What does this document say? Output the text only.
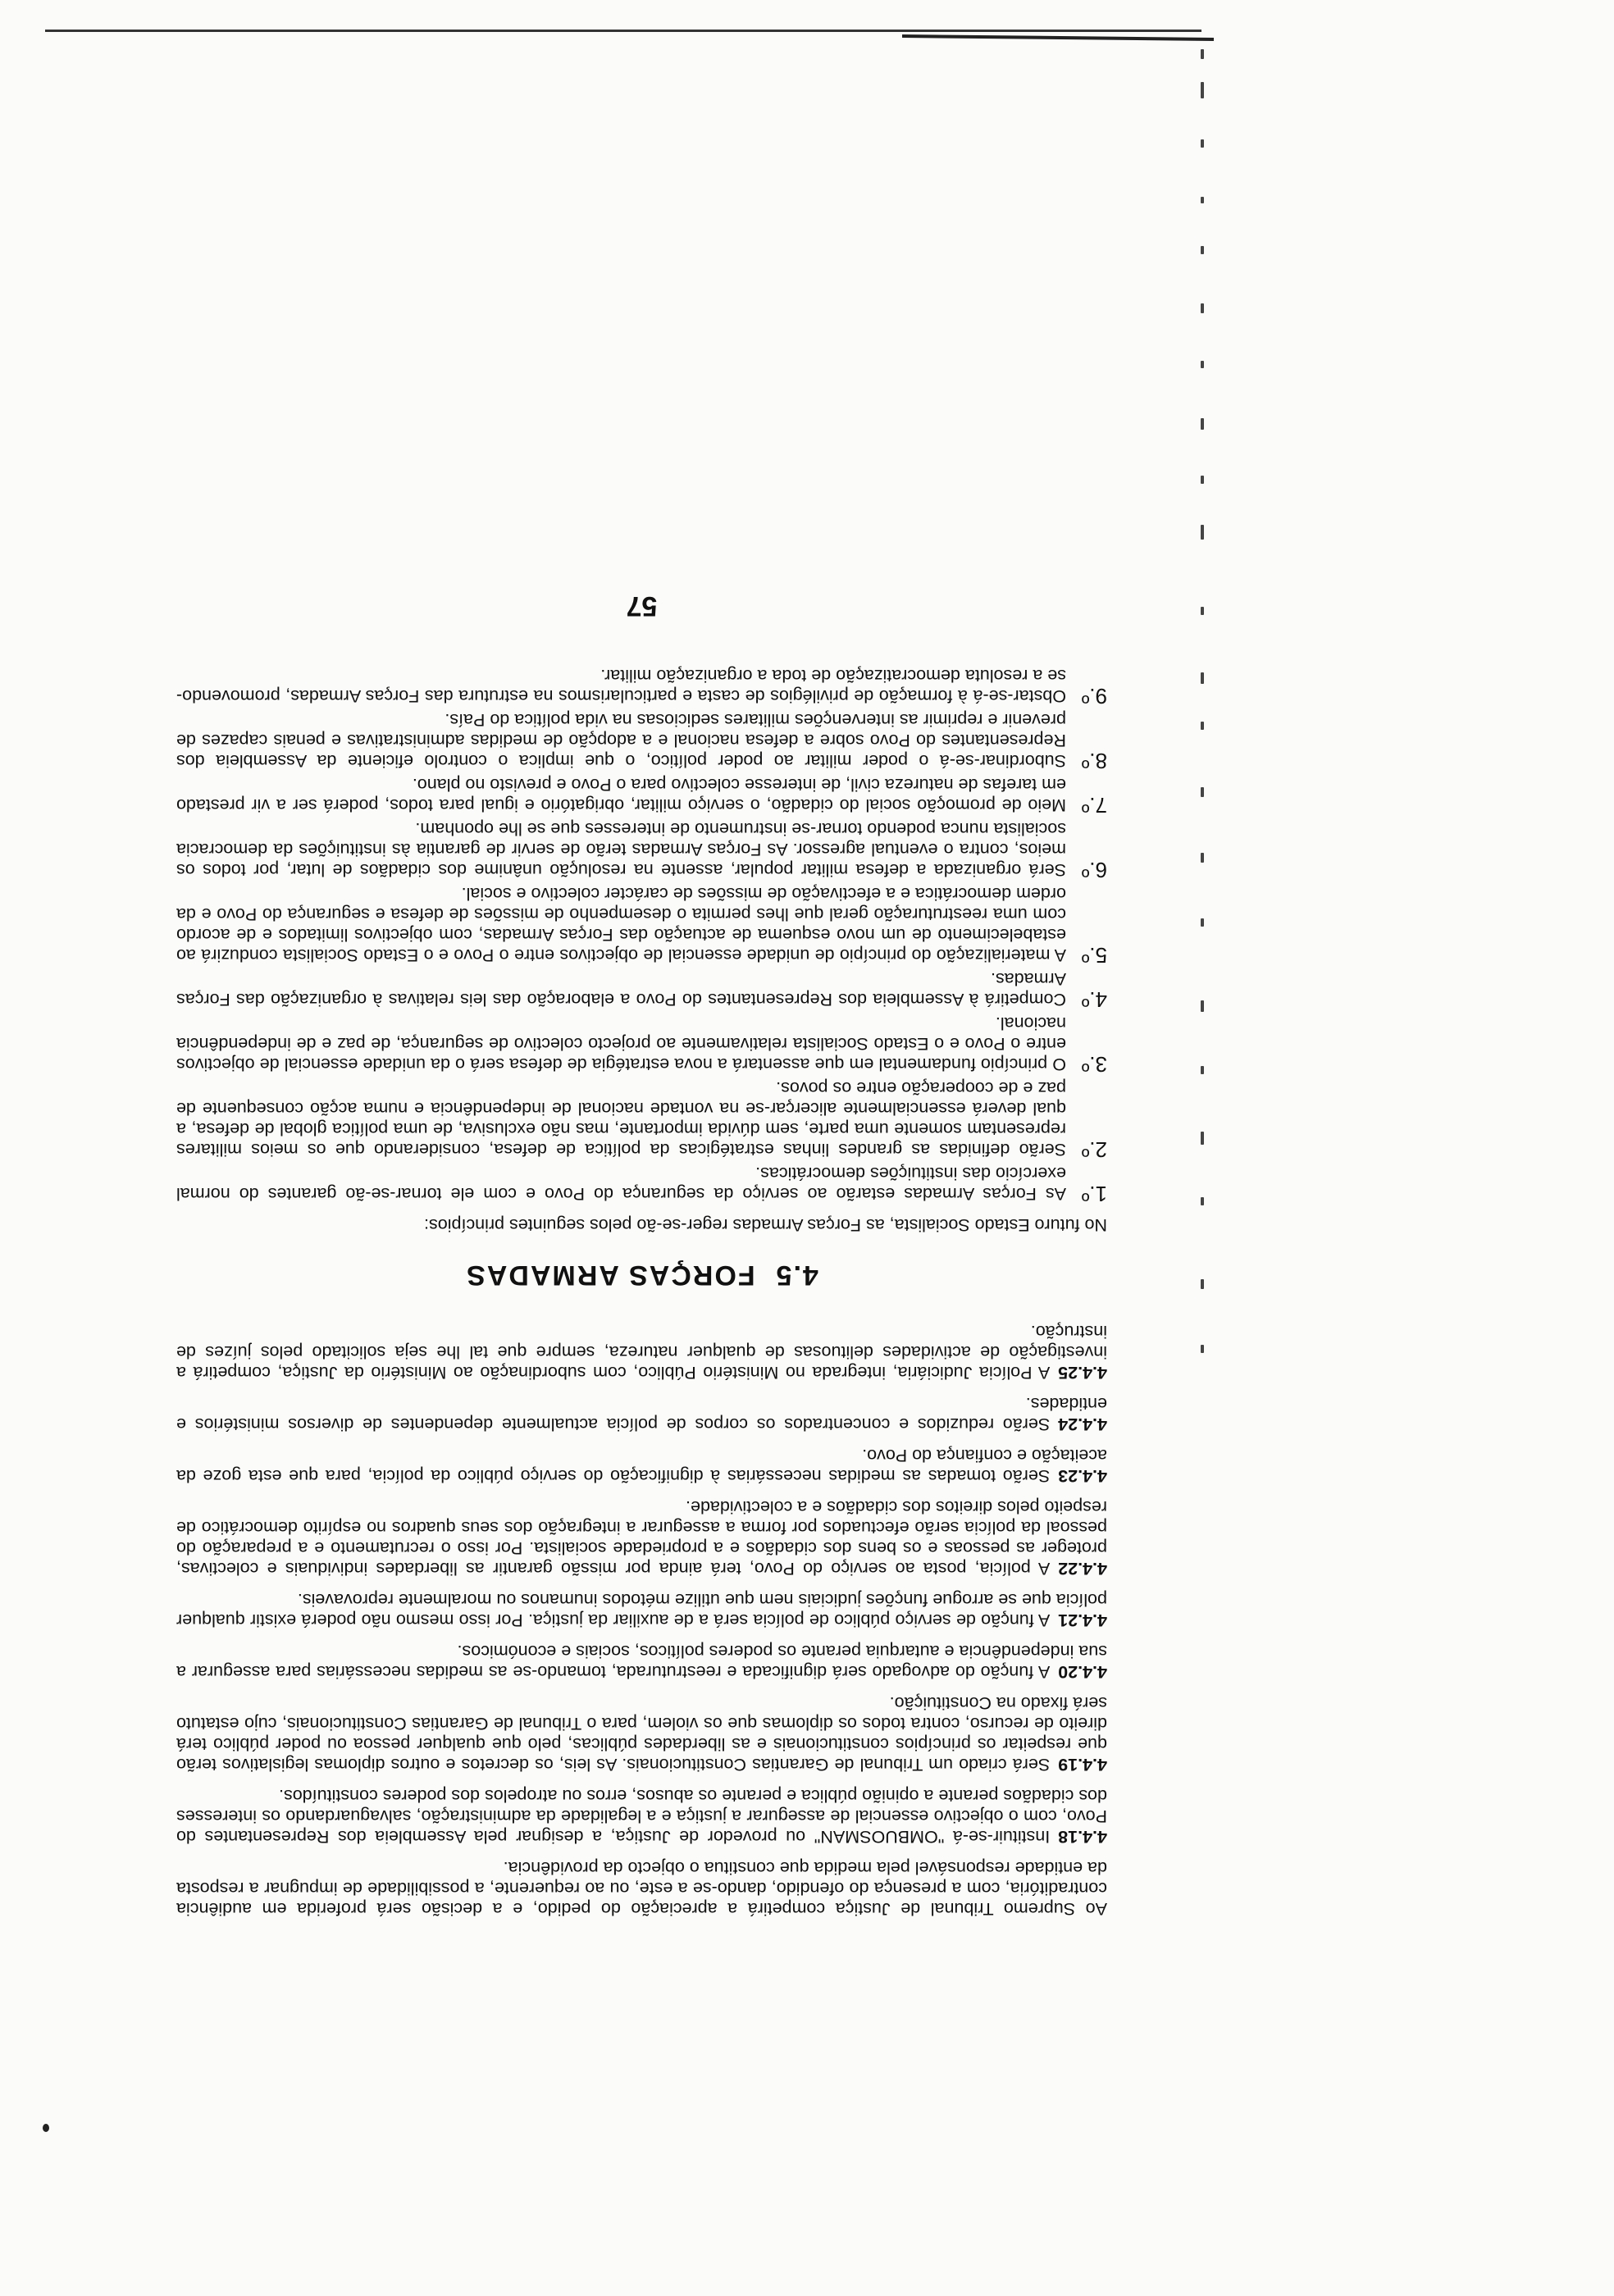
Ao Supremo Tribunal de Justiça competirá a apreciação do pedido, e a decisão será proferida em audiência contraditória, com a presença do ofendido, dando-se a este, ou ao requerente, a possibilidade de impugnar a resposta da entidade responsável pela medida que constitua o objecto da providência.

4.4.18Instituir-se-á "OMBUOSMAN" ou provedor de Justiça, a designar pela Assembleia dos Representantes do Povo, com o objectivo essencial de assegurar a justiça e a legalidade da administração, salvaguardando os interesses dos cidadãos perante a opinião pública e perante os abusos, erros ou atropelos dos poderes constituídos.

4.4.19Será criado um Tribunal de Garantias Constitucionais. As leis, os decretos e outros diplomas legislativos terão que respeitar os princípios constitucionais e as liberdades públicas, pelo que qualquer pessoa ou poder público terá direito de recurso, contra todos os diplomas que os violem, para o Tribunal de Garantias Constitucionais, cujo estatuto será fixado na Constituição.

4.4.20A função do advogado será dignificada e reestruturada, tomando-se as medidas necessárias para assegurar a sua independência e autarquia perante os poderes políticos, sociais e económicos.

4.4.21A função de serviço público de polícia será a de auxiliar da justiça. Por isso mesmo não poderá existir qualquer polícia que se arrogue funções judiciais nem que utilize métodos inumanos ou moralmente reprovaveis.

4.4.22A polícia, posta ao serviço do Povo, terá ainda por missão garantir as liberdades individuais e colectivas, proteger as pessoas e os bens dos cidadãos e a propriedade socialista. Por isso o recrutamento e a preparação do pessoal da polícia serão efectuados por forma a assegurar a integração dos seus quadros no espírito democrático de respeito pelos direitos dos cidadãos e a colectividade.

4.4.23Serão tomadas as medidas necessárias à dignificação do serviço público da polícia, para que esta goze da aceitação e confiança do Povo.

4.4.24Serão reduzidos e concentrados os corpos de polícia actualmente dependentes de diversos ministérios e entidades.

4.4.25A Polícia Judiciária, integrada no Ministério Público, com subordinação ao Ministério da Justiça, competirá a investigação de actividades delituosas de qualquer natureza, sempre que tal lhe seja solicitado pelos juízes de instrução.

4.5FORÇAS ARMADAS

No futuro Estado Socialista, as Forças Armadas reger-se-ão pelos seguintes princípios:

1.º
As Forças Armadas estarão ao serviço da segurança do Povo e com ele tornar-se-ão garantes do normal exercício das instituições democráticas.
2.º
Serão definidas as grandes linhas estratégicas da política de defesa, considerando que os meios militares representam somente uma parte, sem dúvida importante, mas não exclusiva, de uma política global de defesa, a qual deverá essencialmente alicerçar-se na vontade nacional de independência e numa acção consequente de paz e de cooperação entre os povos.
3.º
O princípio fundamental em que assentará a nova estratégia de defesa será o da unidade essencial de objectivos entre o Povo e o Estado Socialista relativamente ao projecto colectivo de segurança, de paz e de independência nacional.
4.º
Competirá à Assembleia dos Representantes do Povo a elaboração das leis relativas à organização das Forças Armadas.
5.º
A materialização do princípio de unidade essencial de objectivos entre o Povo e o Estado Socialista conduzirá ao estabelecimento de um novo esquema de actuação das Forças Armadas, com objectivos limitados e de acordo com uma reestruturação geral que lhes permita o desempenho de missões de defesa e segurança do Povo e da ordem democrática e a efectivação de missões de carácter colectivo e social.
6.º
Será organizada a defesa militar popular, assente na resolução unânime dos cidadãos de lutar, por todos os meios, contra o eventual agressor. As Forças Armadas terão de servir de garantia às instituições da democracia socialista nunca podendo tornar-se instrumento de interesses que se lhe oponham.
7.º
Meio de promoção social do cidadão, o serviço militar, obrigatório e igual para todos, poderá ser a vir prestado em tarefas de natureza civil, de interesse colectivo para o Povo e previsto no plano.
8.º
Subordinar-se-á o poder militar ao poder político, o que implica o controlo eficiente da Assembleia dos Representantes do Povo sobre a defesa nacional e a adopção de medidas administrativas e penais capazes de prevenir e reprimir as intervenções militares sediciosas na vida política do País.
9.º
Obstar-se-á à formação de privilégios de casta e particularismos na estrutura das Forças Armadas, promovendo-se a resoluta democratização de toda a organização militar.
57
